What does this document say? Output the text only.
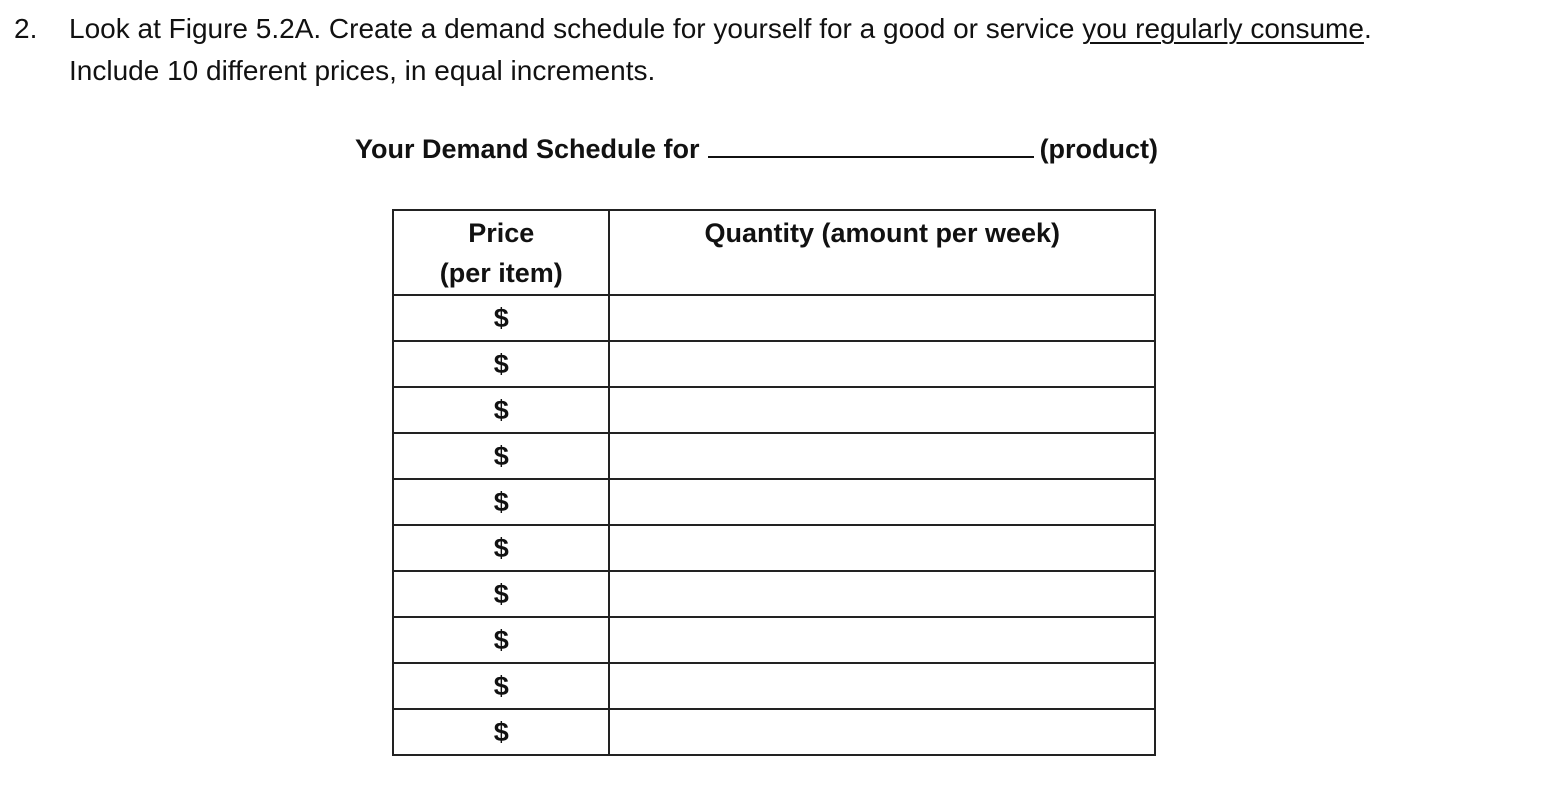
2. Look at Figure 5.2A. Create a demand schedule for yourself for a good or service you regularly consume.
Include 10 different prices, in equal increments.
Your Demand Schedule for	(product)
Price
(per item)	Quantity (amount per week)
$	
$	
$	
$	
$	
$	
$	
$	
$	
$	
